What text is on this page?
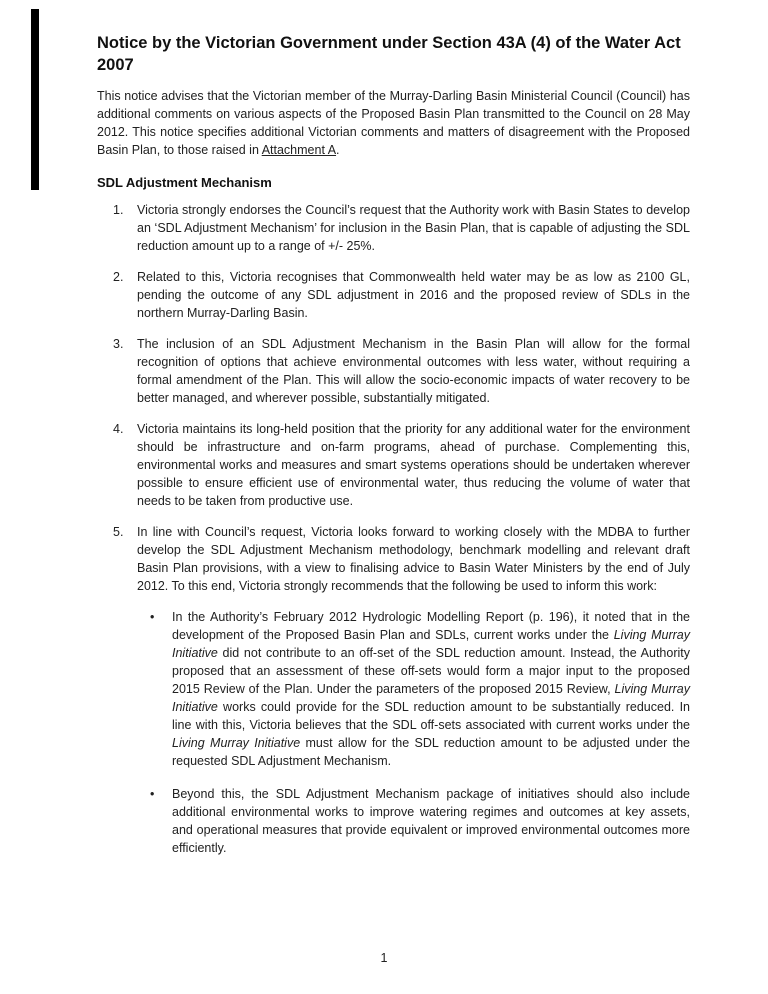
Notice by the Victorian Government under Section 43A (4) of the Water Act 2007

This notice advises that the Victorian member of the Murray-Darling Basin Ministerial Council (Council) has additional comments on various aspects of the Proposed Basin Plan transmitted to the Council on 28 May 2012. This notice specifies additional Victorian comments and matters of disagreement with the Proposed Basin Plan, to those raised in Attachment A.

SDL Adjustment Mechanism
1.	Victoria strongly endorses the Council’s request that the Authority work with Basin States to develop an ‘SDL Adjustment Mechanism’ for inclusion in the Basin Plan, that is capable of adjusting the SDL reduction amount up to a range of +/- 25%.
2.	Related to this, Victoria recognises that Commonwealth held water may be as low as 2100 GL, pending the outcome of any SDL adjustment in 2016 and the proposed review of SDLs in the northern Murray-Darling Basin.
3.	The inclusion of an SDL Adjustment Mechanism in the Basin Plan will allow for the formal recognition of options that achieve environmental outcomes with less water, without requiring a formal amendment of the Plan. This will allow the socio-economic impacts of water recovery to be better managed, and wherever possible, substantially mitigated.
4.	Victoria maintains its long-held position that the priority for any additional water for the environment should be infrastructure and on-farm programs, ahead of purchase. Complementing this, environmental works and measures and smart systems operations should be undertaken wherever possible to ensure efficient use of environmental water, thus reducing the volume of water that needs to be taken from productive use.
5.	In line with Council’s request, Victoria looks forward to working closely with the MDBA to further develop the SDL Adjustment Mechanism methodology, benchmark modelling and relevant draft Basin Plan provisions, with a view to finalising advice to Basin Water Ministers by the end of July 2012. To this end, Victoria strongly recommends that the following be used to inform this work:
•	In the Authority’s February 2012 Hydrologic Modelling Report (p. 196), it noted that in the development of the Proposed Basin Plan and SDLs, current works under the Living Murray Initiative did not contribute to an off-set of the SDL reduction amount. Instead, the Authority proposed that an assessment of these off-sets would form a major input to the proposed 2015 Review of the Plan. Under the parameters of the proposed 2015 Review, Living Murray Initiative works could provide for the SDL reduction amount to be substantially reduced. In line with this, Victoria believes that the SDL off-sets associated with current works under the Living Murray Initiative must allow for the SDL reduction amount to be adjusted under the requested SDL Adjustment Mechanism.
•	Beyond this, the SDL Adjustment Mechanism package of initiatives should also include additional environmental works to improve watering regimes and outcomes at key assets, and operational measures that provide equivalent or improved environmental outcomes more efficiently.
1
